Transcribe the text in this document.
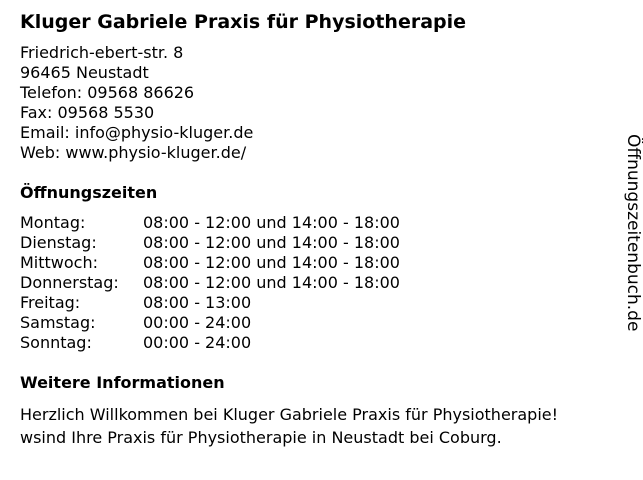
Kluger Gabriele Praxis für Physiotherapie
Friedrich-ebert-str. 8
96465 Neustadt
Telefon: 09568 86626
Fax: 09568 5530
Email: info@physio-kluger.de
Web: www.physio-kluger.de/
Öffnungszeiten
Montag:	08:00 - 12:00 und 14:00 - 18:00
Dienstag:	08:00 - 12:00 und 14:00 - 18:00
Mittwoch:	08:00 - 12:00 und 14:00 - 18:00
Donnerstag:	08:00 - 12:00 und 14:00 - 18:00
Freitag:	08:00 - 13:00
Samstag:	00:00 - 24:00
Sonntag:	00:00 - 24:00
Weitere Informationen
Herzlich Willkommen bei Kluger Gabriele Praxis für Physiotherapie!
wsind Ihre Praxis für Physiotherapie in Neustadt bei Coburg.
Öffnungszeitenbuch.de
